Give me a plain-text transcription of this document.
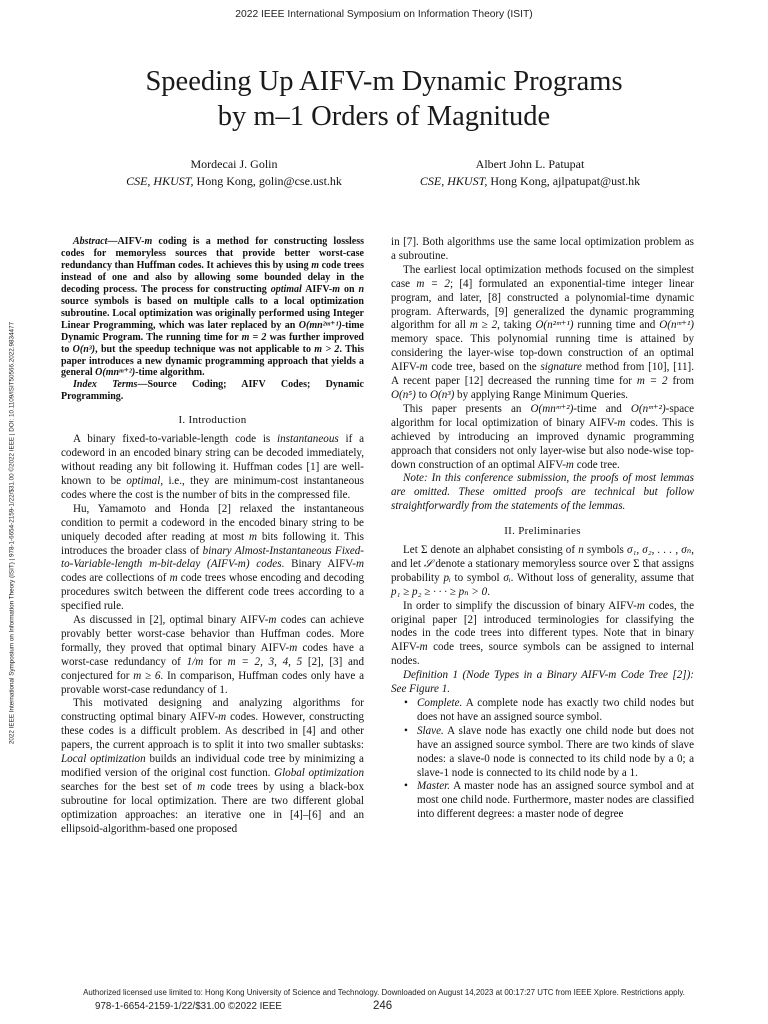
2022 IEEE International Symposium on Information Theory (ISIT)
Speeding Up AIFV-m Dynamic Programs
by m–1 Orders of Magnitude
Mordecai J. Golin
CSE, HKUST, Hong Kong, golin@cse.ust.hk
Albert John L. Patupat
CSE, HKUST, Hong Kong, ajlpatupat@ust.hk
2022 IEEE International Symposium on Information Theory (ISIT) | 978-1-6654-2159-1/22/$31.00 ©2022 IEEE | DOI: 10.1109/ISIT50566.2022.9834477

Abstract—AIFV-m coding is a method for constructing lossless codes for memoryless sources that provide better worst-case redundancy than Huffman codes. It achieves this by using m code trees instead of one and also by allowing some bounded delay in the decoding process. The process for constructing optimal AIFV-m on n source symbols is based on multiple calls to a local optimization subroutine. Local optimization was originally performed using Integer Linear Programming, which was later replaced by an O(mn²ᵐ⁺¹)-time Dynamic Program. The running time for m = 2 was further improved to O(n³), but the speedup technique was not applicable to m > 2. This paper introduces a new dynamic programming approach that yields a general O(mnᵐ⁺²)-time algorithm.

Index Terms—Source Coding; AIFV Codes; Dynamic Programming.

I. Introduction

A binary fixed-to-variable-length code is instantaneous if a codeword in an encoded binary string can be decoded immediately, without reading any bit following it. Huffman codes [1] are well-known to be optimal, i.e., they are minimum-cost instantaneous codes where the cost is the number of bits in the compressed file.

Hu, Yamamoto and Honda [2] relaxed the instantaneous condition to permit a codeword in the encoded binary string to be uniquely decoded after reading at most m bits following it. This introduces the broader class of binary Almost-Instantaneous Fixed-to-Variable-length m-bit-delay (AIFV-m) codes. Binary AIFV-m codes are collections of m code trees whose encoding and decoding procedures switch between the different code trees according to a specified rule.

As discussed in [2], optimal binary AIFV-m codes can achieve provably better worst-case behavior than Huffman codes. More formally, they proved that optimal binary AIFV-m codes have a worst-case redundancy of 1/m for m = 2, 3, 4, 5 [2], [3] and conjectured for m ≥ 6. In comparison, Huffman codes only have a provable worst-case redundancy of 1.

This motivated designing and analyzing algorithms for constructing optimal binary AIFV-m codes. However, constructing these codes is a difficult problem. As described in [4] and other papers, the current approach is to split it into two smaller subtasks: Local optimization builds an individual code tree by minimizing a modified version of the original cost function. Global optimization searches for the best set of m code trees by using a black-box subroutine for local optimization. There are two different global optimization approaches: an iterative one in [4]–[6] and an ellipsoid-algorithm-based one proposed

in [7]. Both algorithms use the same local optimization problem as a subroutine.

The earliest local optimization methods focused on the simplest case m = 2; [4] formulated an exponential-time integer linear program, and later, [8] constructed a polynomial-time dynamic program. Afterwards, [9] generalized the dynamic programming algorithm for all m ≥ 2, taking O(n²ᵐ⁺¹) running time and O(nᵐ⁺¹) memory space. This polynomial running time is attained by considering the layer-wise top-down construction of an optimal AIFV-m code tree, based on the signature method from [10], [11]. A recent paper [12] decreased the running time for m = 2 from O(n⁵) to O(n³) by applying Range Minimum Queries.

This paper presents an O(mnᵐ⁺²)-time and O(nᵐ⁺²)-space algorithm for local optimization of binary AIFV-m codes. This is achieved by introducing an improved dynamic programming approach that considers not only layer-wise but also node-wise top-down construction of an optimal AIFV-m code tree.

Note: In this conference submission, the proofs of most lemmas are omitted. These omitted proofs are technical but follow straightforwardly from the statements of the lemmas.

II. Preliminaries

Let Σ denote an alphabet consisting of n symbols σ₁, σ₂, . . . , σₙ, and let 𝒮 denote a stationary memoryless source over Σ that assigns probability pᵢ to symbol σᵢ. Without loss of generality, assume that p₁ ≥ p₂ ≥ · · · ≥ pₙ > 0.

In order to simplify the discussion of binary AIFV-m codes, the original paper [2] introduced terminologies for classifying the nodes in the code trees into different types. Note that in binary AIFV-m code trees, source symbols can be assigned to internal nodes.

Definition 1 (Node Types in a Binary AIFV-m Code Tree [2]): See Figure 1.

• Complete. A complete node has exactly two child nodes but does not have an assigned source symbol.
• Slave. A slave node has exactly one child node but does not have an assigned source symbol. There are two kinds of slave nodes: a slave-0 node is connected to its child node by a 0; a slave-1 node is connected to its child node by a 1.
• Master. A master node has an assigned source symbol and at most one child node. Furthermore, master nodes are classified into different degrees: a master node of degree
Authorized licensed use limited to: Hong Kong University of Science and Technology. Downloaded on August 14,2023 at 00:17:27 UTC from IEEE Xplore. Restrictions apply.
978-1-6654-2159-1/22/$31.00 ©2022 IEEE	246
